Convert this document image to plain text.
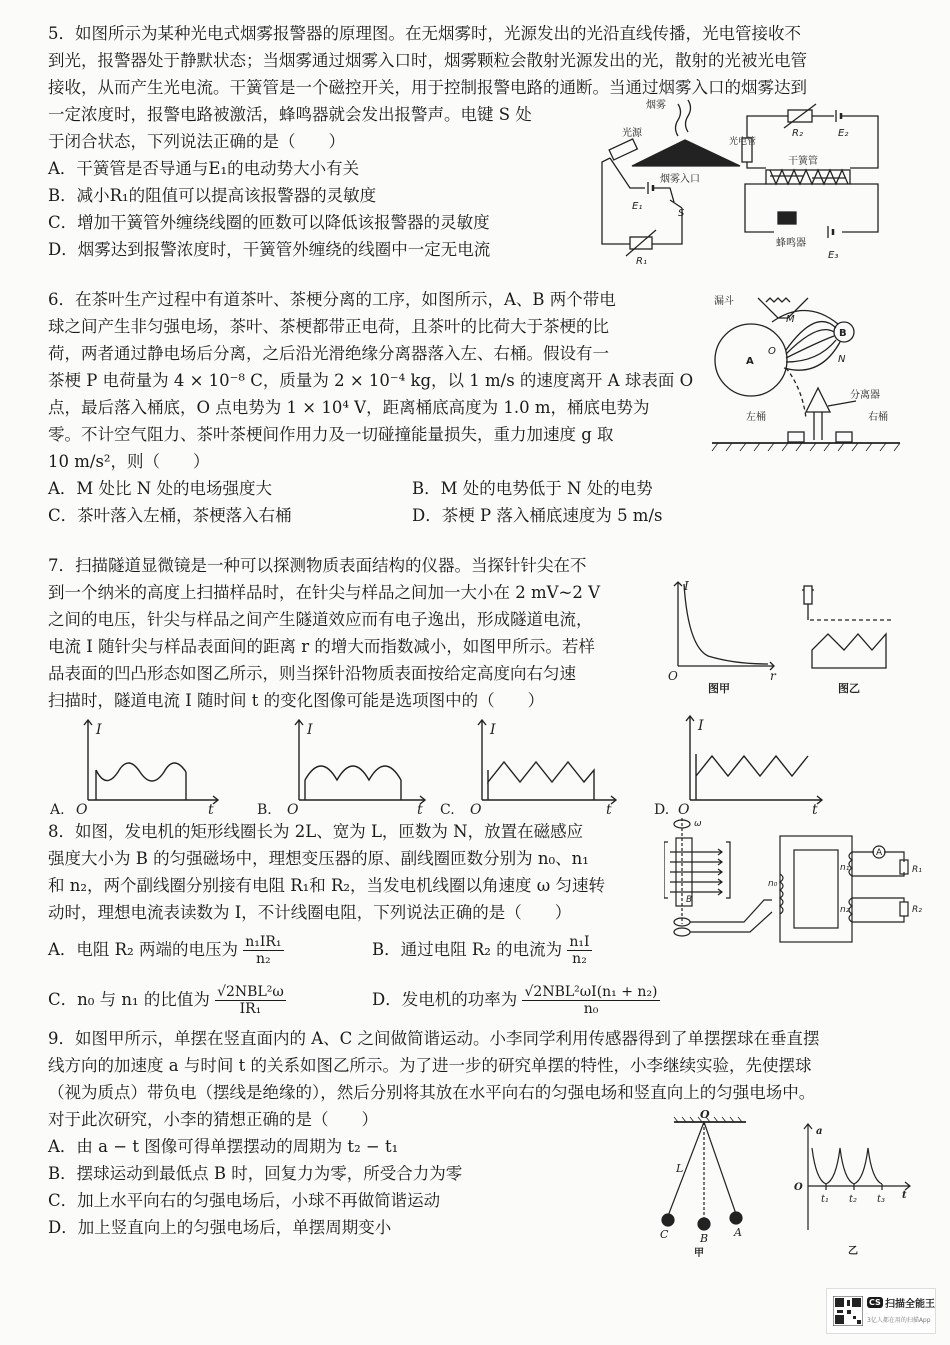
5．如图所示为某种光电式烟雾报警器的原理图。在无烟雾时，光源发出的光沿直线传播，光电管接收不
到光，报警器处于静默状态；当烟雾通过烟雾入口时，烟雾颗粒会散射光源发出的光，散射的光被光电管
接收，从而产生光电流。干簧管是一个磁控开关，用于控制报警电路的通断。当通过烟雾入口的烟雾达到
一定浓度时，报警电路被激活，蜂鸣器就会发出报警声。电键 S 处
于闭合状态，下列说法正确的是（　　）
A．干簧管是否导通与E₁的电动势大小有关
B．减小R₁的阻值可以提高该报警器的灵敏度
C．增加干簧管外缠绕线圈的匝数可以降低该报警器的灵敏度
D．烟雾达到报警浓度时，干簧管外缠绕的线圈中一定无电流
烟雾
光源
烟雾入口
E₁
S
R₁
光电管
R₂	E₂
干簧管
蜂鸣器
E₃
6．在茶叶生产过程中有道茶叶、茶梗分离的工序，如图所示，A、B 两个带电
球之间产生非匀强电场，茶叶、茶梗都带正电荷，且茶叶的比荷大于茶梗的比
荷，两者通过静电场后分离，之后沿光滑绝缘分离器落入左、右桶。假设有一
茶梗 P 电荷量为 4 × 10⁻⁸ C，质量为 2 × 10⁻⁴ kg，以 1 m/s 的速度离开 A 球表面 O
点，最后落入桶底，O 点电势为 1 × 10⁴ V，距离桶底高度为 1.0 m，桶底电势为
零。不计空气阻力、茶叶茶梗间作用力及一切碰撞能量损失，重力加速度 g 取
10 m/s²，则（　　）
A．M 处比 N 处的电场强度大	B．M 处的电势低于 N 处的电势
C．茶叶落入左桶，茶梗落入右桶	D．茶梗 P 落入桶底速度为 5 m/s
漏斗
A
B
M
N
O
分离器
左桶	右桶
7．扫描隧道显微镜是一种可以探测物质表面结构的仪器。当探针针尖在不
到一个纳米的高度上扫描样品时，在针尖与样品之间加一大小在 2 mV~2 V
之间的电压，针尖与样品之间产生隧道效应而有电子逸出，形成隧道电流，
电流 I 随针尖与样品表面间的距离 r 的增大而指数减小，如图甲所示。若样
品表面的凹凸形态如图乙所示，则当探针沿物质表面按给定高度向右匀速
扫描时，隧道电流 I 随时间 t 的变化图像可能是选项图中的（　　）
I
r
O
图甲	图乙
A.
I
t
O	B.
I
t
O	C.
I
t
O	D.
I
t
O
8．如图，发电机的矩形线圈长为 2L、宽为 L，匝数为 N，放置在磁感应
强度大小为 B 的匀强磁场中，理想变压器的原、副线圈匝数分别为 n₀、n₁
和 n₂，两个副线圈分别接有电阻 R₁和 R₂，当发电机线圈以角速度 ω 匀速转
动时，理想电流表读数为 I，不计线圈电阻，下列说法正确的是（　　）
A．电阻 R₂ 两端的电压为 $\frac{\text{n₁IR₁}}{\text{n₂}}$	B．通过电阻 R₂ 的电流为 $\frac{\text{n₁I}}{\text{n₂}}$
C．n₀ 与 n₁ 的比值为 $\frac{\text{√2NBL²ω}}{\text{IR₁}}$	D．发电机的功率为 $\frac{\text{√2NBL²ωI(n₁ + n₂)}}{\text{n₀}}$
ω
B
n₀
n₁
n₂
A
R₁
R₂
9．如图甲所示，单摆在竖直面内的 A、C 之间做简谐运动。小李同学利用传感器得到了单摆摆球在垂直摆
线方向的加速度 a 与时间 t 的关系如图乙所示。为了进一步的研究单摆的特性，小李继续实验，先使摆球
（视为质点）带负电（摆线是绝缘的），然后分别将其放在水平向右的匀强电场和竖直向上的匀强电场中。
对于此次研究，小李的猜想正确的是（　　）
A．由 a − t 图像可得单摆摆动的周期为 t₂ − t₁
B．摆球运动到最低点 B 时，回复力为零，所受合力为零
C．加上水平向右的匀强电场后，小球不再做简谐运动
D．加上竖直向上的匀强电场后，单摆周期变小
O
L
C	B A
甲
a
t
O
t₁ t₂ t₃
乙
CS 扫描全能王
3亿人都在用的扫描App
